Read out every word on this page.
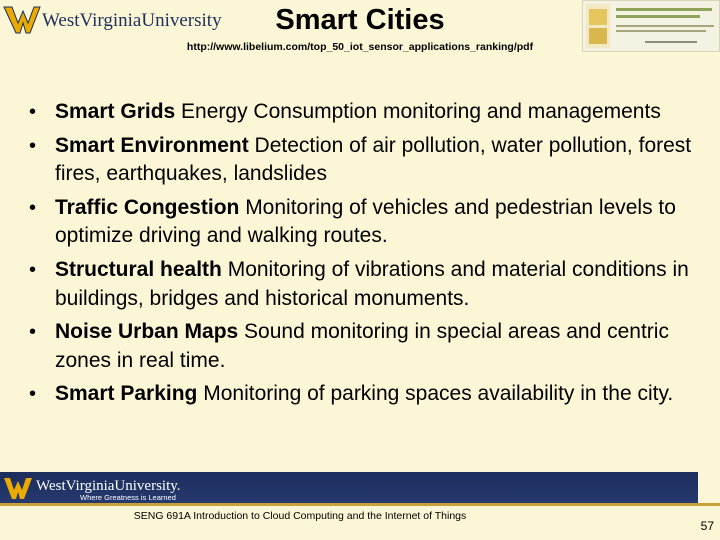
WestVirginiaUniversity	Smart Cities
http://www.libelium.com/top_50_iot_sensor_applications_ranking/pdf
• Smart Grids Energy Consumption monitoring and managements
• Smart Environment Detection of air pollution, water pollution, forest fires, earthquakes, landslides
• Traffic Congestion Monitoring of vehicles and pedestrian levels to optimize driving and walking routes.
• Structural health Monitoring of vibrations and material conditions in buildings, bridges and historical monuments.
• Noise Urban Maps Sound monitoring in special areas and centric zones in real time.
• Smart Parking Monitoring of parking spaces availability in the city.
WestVirginiaUniversity.
Where Greatness is Learned
SENG 691A Introduction to Cloud Computing and the Internet of Things
57
